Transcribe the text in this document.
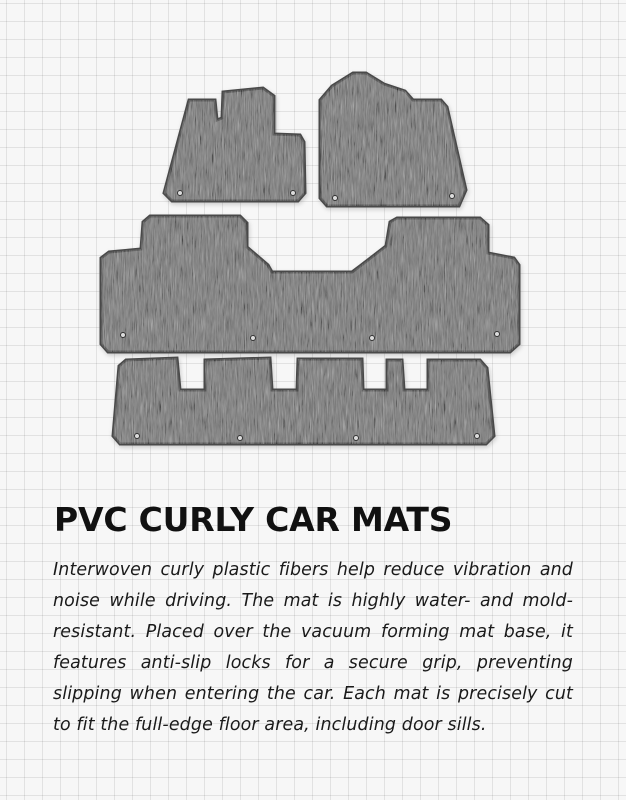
PVC CURLY CAR MATS

Interwoven curly plastic fibers help reduce vibration and noise while driving. The mat is highly water- and mold-resistant. Placed over the vacuum forming mat base, it features anti-slip locks for a secure grip, preventing slipping when entering the car. Each mat is precisely cut to fit the full-edge floor area, including door sills.
